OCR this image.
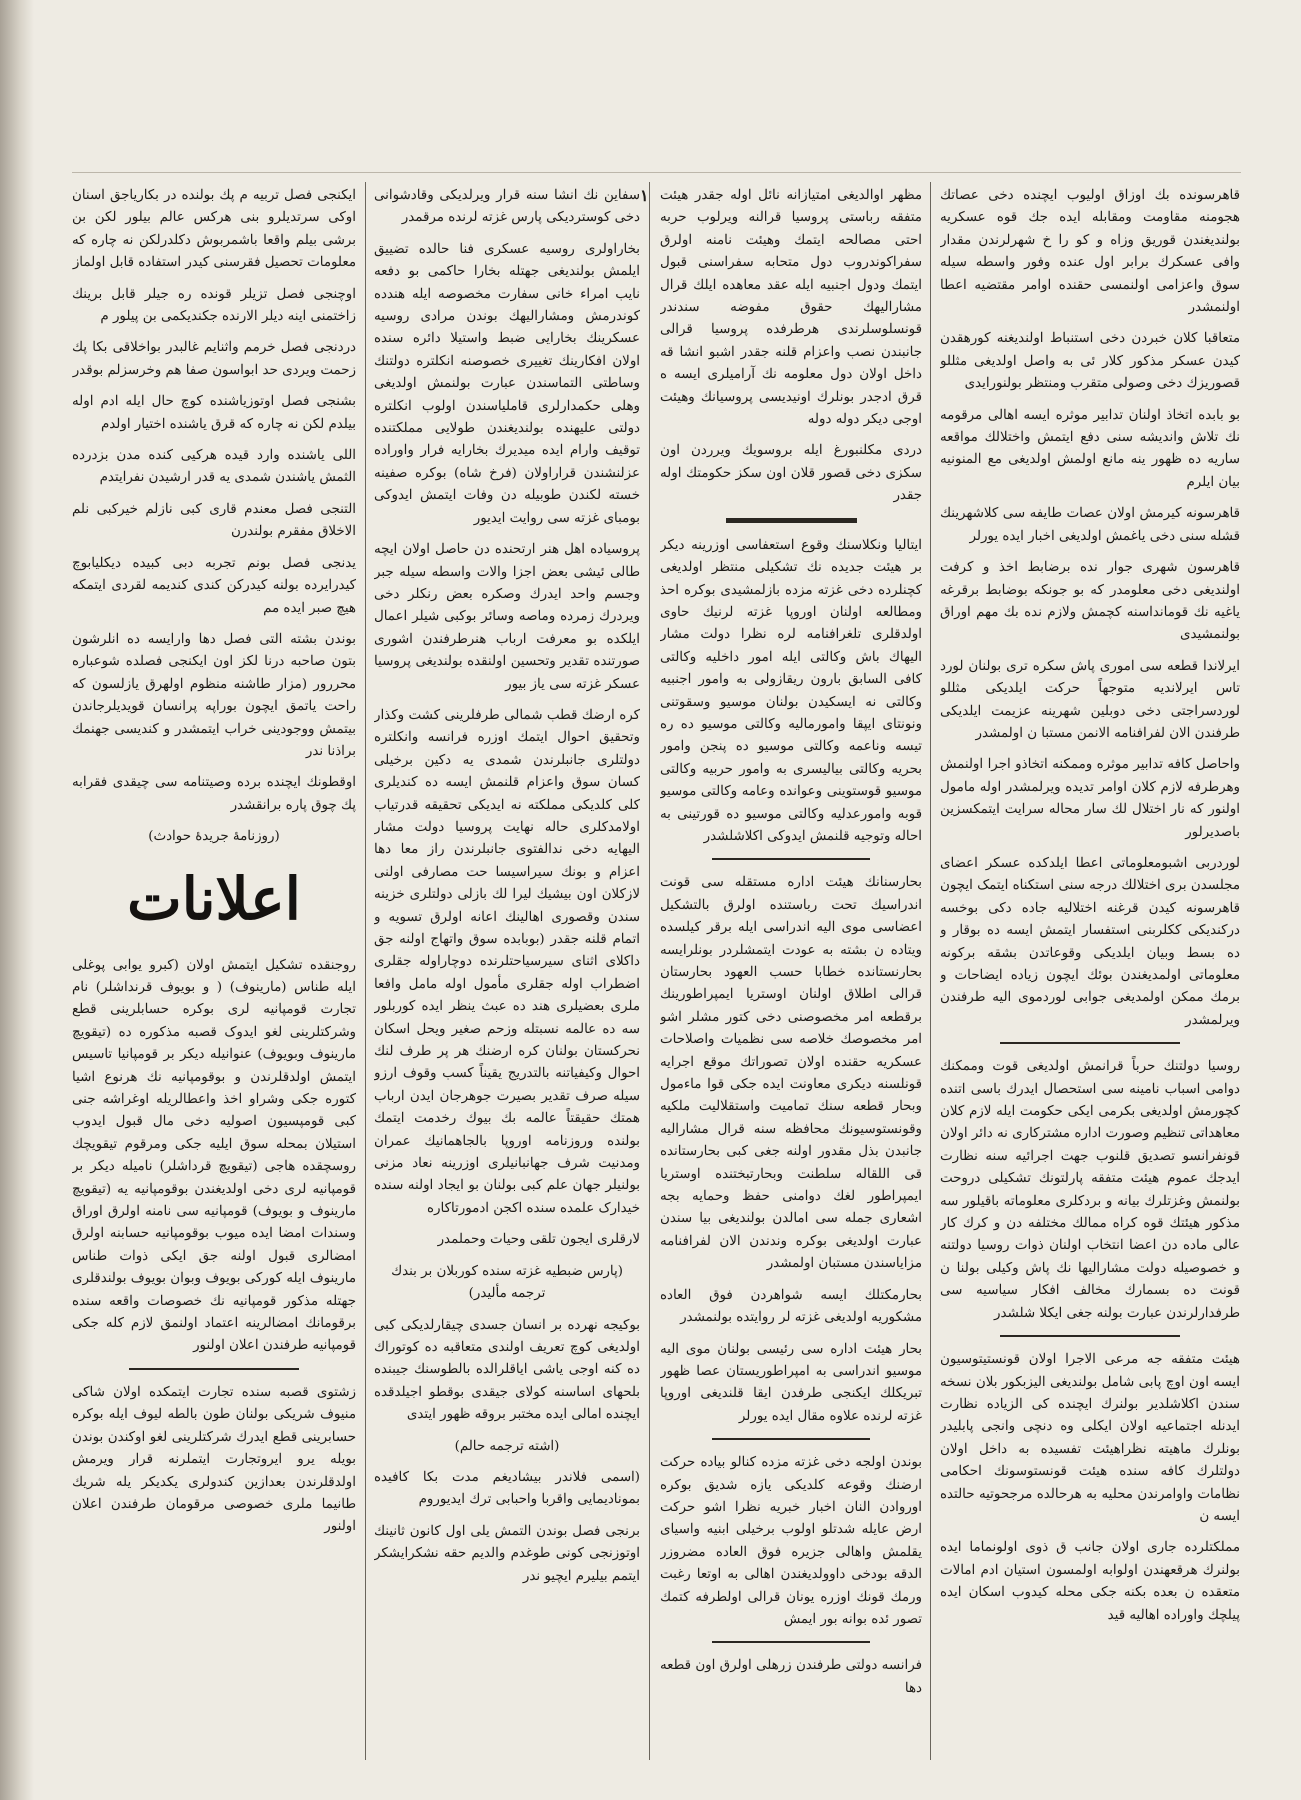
١	قاهرسونده بك اوزاق اولیوب ایچنده دخی عصاتك هجومنه مقاومت ومقابله ایده جك قوه عسکریه بولندیغندن قوریق وزاه و کو را خ شهرلرندن مقدار وافی عسکرك برابر اول عنده وفور واسطه سیله سوق واعزامی اولنمسی حقنده اوامر مقتضیه اعطا اولنمشدر

متعاقبا کلان خبردن دخی استنباط اولندیغنه کورهقدن کیدن عسکر مذکور کلار ئی به واصل اولدیغی مثللو قصوریزك دخی وصولی متقرب ومنتظر بولنورایدی

بو بابده اتخاذ اولنان تدابیر موثره ایسه اهالی مرقومه نك تلاش واندیشه سنی دفع ایتمش واختلالك مواقعه ساریه ده ظهور ینه مانع اولمش اولدیغی مع المنونیه بیان ایلرم

قاهرسونه کیرمش اولان عصات طایفه سی کلاشهرینك قشله سنی دخی یاغمش اولدیغی اخبار ایده یورلر

قاهرسون شهری جوار نده برضابط اخذ و کرفت اولندیغی دخی معلومدر که بو جونکه بوضابط برقرغه یاغیه نك قومانداسنه کچمش ولازم نده بك مهم اوراق بولنمشیدی

ایرلاندا قطعه سی اموری پاش سکره تری بولنان لورد تاس ایرلاندیه متوجهاً حرکت ایلدیکی مثللو لوردسراجتی دخی دوبلین شهرینه عزیمت ایلدیکی طرفندن الان لفرافنامه الانمن مستبا ن اولمشدر

واحاصل کافه تدابیر موثره وممکنه اتخاذو اجرا اولنمش وهرطرفه لازم کلان اوامر تدیده ویرلمشدر اوله مامول اولنور که نار اختلال لك سار محاله سرایت ایتمکسزین باصدیرلور

لوردربی اشبومعلوماتی اعطا ایلدکده عسکر اعضای مجلسدن بری اختلالك درجه سنی استکناه ایتمک ایچون قاهرسونه کیدن قرغنه اختلالیه جاده دکی بوخسه درکندیکی ککلربنی استفسار ایتمش ایسه ده بوقار و ده بسط وبیان ایلدیکی وقوعاتدن بشقه برکونه معلوماتی اولمدیغندن بوئك ایچون زیاده ایضاحات و برمك ممكن اولمدیغی جوابی لوردموی الیه طرفندن ویرلمشدر

روسیا دولتنك حرباً قرانمش اولدیغی قوت وممكنك دوامی اسباب نامینه سی استحصال ایدرك باسی اتنده کچورمش اولدیغی بکرمی ایکی حکومت ایله لازم کلان معاهداتی تنظیم وصورت اداره مشترکاری نه دائر اولان قونفرانسو تصدیق قلنوب جهت اجرائیه سنه نظارت ایدجك عموم هیئت متفقه پارلتونك تشکیلی دروحت بولنمش وغزتلرك بیانه و بردکلری معلوماته باقیلور سه مذکور هیئتك قوه کراه ممالك مختلفه دن و کرك کار عالی ماده دن اعضا انتخاب اولنان ذوات روسیا دولتنه و خصوصیله دولت مشارالیها نك پاش وکیلی بولنا ن قونت ده بسمارك مخالف افکار سیاسیه سی طرفدارلرندن عبارت بولنه جغی ایکلا شلشدر

هیئت متفقه جه مرعی الاجرا اولان قونستیتوسیون ایسه اون اوچ پابی شامل بولندیغی الیزبکور بلان نسخه سندن اکلاشلدیر بولنرك ایچنده کی الزیاده نظارت ایدنله اجتماعیه اولان ایکلی وه دنچی وانجی پابلیدر بونلرك ماهیته نظراهیئت تفسیده به داخل اولان دولتلرك کافه سنده هیئت قونستوسونك احکامی نظامات واوامرندن محلیه به هرحالده مرجحوتیه حالتده ایسه ن

مملکتلرده جاری اولان جانب ق ذوی اولونماما ایده بولنرك هرقعهندن اولوابه اولمسون استیان ادم امالات متعقده ن بعده بکنه جکی محله کیدوب اسکان ایده پیلچك واوراده اهالیه قید

مظهر اوالدیغی امتیازانه نائل اوله جقدر هیئت متفقه رباستی پروسیا قرالنه ویرلوب حربه احتی مصالحه ایتمك وهیئت نامنه اولرق سفراکوندروب دول متحابه سفراسنی قبول ایتمك ودول اجنبیه ایله عقد معاهده ایلك قرال مشارالیهك حقوق مفوضه سندندر قونسلوسلرندی هرطرفده پروسیا قرالی جانبندن نصب واعزام قلنه جقدر اشبو انشا قه داخل اولان دول معلومه نك آرامیلری ایسه ه قرق ادجدر بونلرك اونیدیسی پروسیانك وهیئت اوجی دیکر دوله دوله

دردی مکلنبورغ ایله بروسویك ویرردن اون سکزی دخی قصور قلان اون سکز حکومتك اوله جقدر

ایتالیا ونکلاسنك وقوع استعفاسی اوزرینه دیکر بر هیئت جدیده نك تشکیلی منتظر اولدیغی کچنلرده دخی غزته مزده بازلمشیدی بوکره احذ ومطالعه اولنان اوروپا غزته لرنیك حاوی اولدقلری تلغرافنامه لره نظرا دولت مشار الیهاك باش وکالتی ایله امور داخلیه وکالتی کافی السابق بارون ریقازولی به وامور اجنبیه وکالتی نه ایسکیدن بولنان موسیو وسقوتنی ونونتای ایپقا وامورمالیه وکالتی موسیو ده ره تیسه وناعمه وکالتی موسیو ده پنجن وامور بحریه وکالتی بیالیسری به وامور حربیه وکالتی موسیو قوستوینی وعوانده وعامه وکالتی موسیو قوبه وامورعدلیه وکالتی موسیو ده قورتینی به احاله وتوجیه قلنمش ایدوکی اکلاشلشدر

بحارسنانك هیئت اداره مستقله سی قونت اندراسیك تحت رباستنده اولرق بالتشکیل اعضاسی موی الیه اندراسی ایله برقر کیلسده ویتاده ن بشته به عودت ایتمشلردر بونلرایسه بحارنستانده خطابا حسب العهود بحارستان قرالی اطلاق اولنان اوستریا ایمپراطورینك برقطعه امر مخصوصنی دخی کتور مشلر اشو امر مخصوصك خلاصه سی نظمیات واصلاحات عسکریه حقنده اولان تصوراتك موقع اجرایه قونلسنه دیکری معاونت ایده جکی قوا ماءمول وبحار قطعه سنك تمامیت واستقلالیت ملکیه وقونستوسیونك محافظه سنه قرال مشارالیه جانبدن بذل مقدور اولنه جغی کبی بحارستانده قی اللقاله سلطنت وبحارتبختنده اوستریا ایمپراطور لغك دوامنی حفظ وحمایه بجه اشعاری جمله سی امالدن بولندیغی بیا سندن عبارت اولدیغی بوکره وندندن الان لفرافنامه مزایاسندن مستبان اولمشدر

بحارمکتلك ایسه شواهردن فوق العاده مشکوریه اولدیغی غزته لر روایتده بولنمشدر

بحار هیئت اداره سی رئیسی بولنان موی الیه موسیو اندراسی به امپراطوریستان عصا ظهور تبریكلك ایکنجی طرفدن ایقا قلندیغی اوروپا غزته لرنده علاوه مقال ایده یورلر

بوندن اولجه دخی غزته مزده کنالو بیاده حرکت ارضنك وقوعه کلدیکی یازه شدیق بوکره اوروادن النان اخبار خبریه نظرا اشو حرکت ارض عایله شدتلو اولوب برخیلی ابنیه واسیای یقلمش واهالی جزیره فوق العاده مضروزر الدقه بودخی داوولدیغندن اهالی به اوتعا رغبت ورمك قونك اوزره یونان قرالی اولطرفه کتمك تصور ئده بوانه بور ایمش

فرانسه دولتی طرفندن زرهلی اولرق اون قطعه دها

سفاین نك انشا سنه قرار ویرلدیکی وقادشوانی دخی کوستردیکی پارس غزته لرنده مرقمدر

بخاراولری روسیه عسکری فنا حالده تضییق ایلمش بولندیغی جهتله بخارا حاکمی بو دفعه نایب امراء خانی سفارت مخصوصه ایله هندده کوندرمش ومشارالیهك بوندن مرادی روسیه عسکرینك بخارایی ضبط واستیلا دائره سنده اولان افکارینك تغییری خصوصنه انکلتره دولتنك وساطتی التماسندن عبارت بولنمش اولدیغی وهلی حکمدارلری قاملیاسندن اولوب انکلتره دولتی علیهنده بولندیغندن طولایی مملکتنده توقیف وارام ایده میدیرك بخارایه فرار واوراده عزلنشندن قراراولان (فرخ شاه) بوکره صفینه خسته لکندن طوبیله دن وفات ایتمش ایدوکی بومبای غزته سی روایت ایدیور

پروسیاده اهل هنر ارتحنده دن حاصل اولان ایچه طالی ئیشی بعض اجزا والات واسطه سیله جبر وجسم واحد ایدرك وصکره بعض رنکلر دخی ویردرك زمرده وماصه وسائر بوکبی شیلر اعمال ایلکده بو معرفت ارباب هنرطرفندن اشوری صورتنده تقدیر وتحسین اولنقده بولندیغی پروسیا عسکر غزته سی یاز بیور

کره ارضك قطب شمالی طرفلرینی کشت وکذار وتحقیق احوال ایتمك اوزره فرانسه وانکلتره دولتلری جانبلرندن شمدی یه دکین برخیلی کسان سوق واعزام قلنمش ایسه ده کندیلری کلی کلدیکی مملکته نه ایدیکی تحقیقه قدرتیاب اولامدکلری حاله نهایت پروسیا دولت مشار الیهایه دخی ندالفتوی جانبلرندن راز معا دها اعزام و بونك سیراسیسا حت مصارفی اولنی لازکلان اون بیشیك لیرا لك بازلی دولتلری خزینه سندن وقصوری اهالینك اعانه اولرق تسویه و اتمام قلنه جقدر (بوبابده سوق واتهاج اولنه جق داکلای اثنای سیرسیاحتلرنده دوچاراوله جقلری اضطراب اوله جقلری مأمول اوله مامل وافعا ملری بعضیلری هند ده عبث ینظر ایده کوربلور سه ده عالمه نسبتله وزحم صغیر ویحل اسکان نحرکستان بولنان کره ارضنك هر پر طرف لنك احوال وکیفیاتنه بالتدریج یقیناً کسب وقوف ارزو سیله صرف تقدیر بصیرت جوهرجان ایدن ارباب همتك حقیقتاً عالمه بك بیوك رخدمت ایتمك بولنده وروزنامه اوروپا بالجاهمانیك عمران ومدنیت شرف جهانبانیلری اوزرینه نعاد مزنی بولنیلر جهان علم کبی بولنان بو ایجاد اولنه سنده خیدارک علمده سنده اکجن ادمورتاکاره

لارقلری ایجون تلقی وحیات وحملمدر

(پارس ضبطیه غزته سنده کوربلان بر بندك ترجمه مألیدر)

بوکیجه نهرده بر انسان جسدی چیقارلدیکی کبی اولدیغی کوچ تعریف اولندی متعاقبه ده کوتوراك ده کنه اوجی یاشی ایاقلرالده بالطوسنك جیبنده بلحهای اساسنه کولای جیقدی بوقطو اجیلدقده ایچنده امالی ایده مختبر بروقه ظهور ایتدی

(اشته ترجمه حالم)

(اسمی فلاندر بیشادیغم مدت بکا کافیده بمونادیمایی واقربا واحبابی ترك ایدیوروم

برنجی فصل بوندن التمش یلی اول کانون ثانینك اوتوزنجی کونی طوغدم والدیم حقه نشکرایشکر ایتمم بیلیرم ایچیو ندر

ایکنجی فصل تربیه م پك بولنده در بکاریاجق اسنان اوکی سرتدیلرو بنی هرکس عالم بیلور لکن بن برشی بیلم واقعا باشمربوش دکلدرلکن نه چاره که معلومات تحصیل فقرسنی کیدر استفاده قابل اولماز

اوچنجی فصل تزیلر قونده ره جیلر قابل برینك زاختمنی اینه دیلر الارنده جکندیکمی بن پیلور م

دردنجی فصل خرمم واثنایم غالبدر بواخلاقی بکا پك زحمت ویردی حد ابواسون صفا هم وخرسزلم بوقدر

بشنجی فصل اوتوزیاشنده کوچ حال ایله ادم اوله بیلدم لکن نه چاره که قرق یاشنده اختیار اولدم

اللی یاشنده وارد قیده هرکیی کنده مدن بزدرده الثمش یاشندن شمدی یه قدر ارشیدن نفرایتدم

التنجی فصل معندم قاری کبی نازلم خیرکبی نلم الاخلاق مفقرم بولندرن

یدنجی فصل بونم تجربه دبی کبیده دیکلیابوچ کیدرایرده بولنه کیدرکن کندی کندیمه لقردی ایتمکه هیچ صبر ایده مم

بوندن بشته التی فصل دها وارایسه ده انلرشون بتون صاحبه درنا لکز اون ایکنجی فصلده شوعباره محررور (مزار طاشنه منظوم اولهرق یازلسون که راحت یاتمق ایچون بوراپه پرانسان قویدیلرجاندن بیتمش ووجودینی خراب ایتمشدر و کندیسی جهنمك براذنا ندر

اوقطونك ایچنده برده وصیتنامه سی چیقدی فقرابه پك چوق پاره برانقشدر

(روزنامهٔ جریدهٔ حوادث)

اعلانات

روجنقده تشکیل ایتمش اولان (کبرو یوابی پوغلی ایله طناس (مارینوف) ( و بویوف قرنداشلر) نام تجارت قومپانیه لری بوکره حسابلرینی قطع وشرکتلرینی لغو ایدوک قصبه مذکوره ده (تیقویچ مارینوف وبویوف) عنوانیله دیکر بر قومپانیا تاسیس ایتمش اولدقلرندن و بوقومپانیه نك هرنوع اشیا کتوره جکی وشراو اخذ واعطالریله اوغراشه جنی کبی قومپسیون اصولیه دخی مال قبول ایدوب استیلان بمحله سوق ایلیه جکی ومرقوم تیقویچك روسچقده هاجی (تیقویچ قرداشلر) نامیله دیکر بر قومپانیه لری دخی اولدیغندن بوقومپانیه یه (تیقویچ مارینوف و بویوف) قومپانیه سی نامنه اولرق اوراق وسندات امضا ایده میوب بوقومپانیه حسابنه اولرق امضالری قبول اولنه جق ایکی ذوات طناس مارینوف ایله کورکی بویوف وبوان بویوف بولندقلری جهتله مذکور قومپانیه نك خصوصات واقعه سنده برقومانك امضالرینه اعتماد اولنمق لازم کله جکی قومپانیه طرفندن اعلان اولنور

زشتوی قصبه سنده تجارت ایتمکده اولان شاکی منیوف شریکی بولنان طون بالطه لیوف ایله بوکره حسابرینی قطع ایدرك شرکتلرینی لغو اوکندن بوندن بویله یرو ایروتجارت ایتملرنه قرار ویرمش اولدقلرندن بعدازین کندولری یکدیکر یله شریك طانیما ملری خصوصی مرقومان طرفندن اعلان اولنور
